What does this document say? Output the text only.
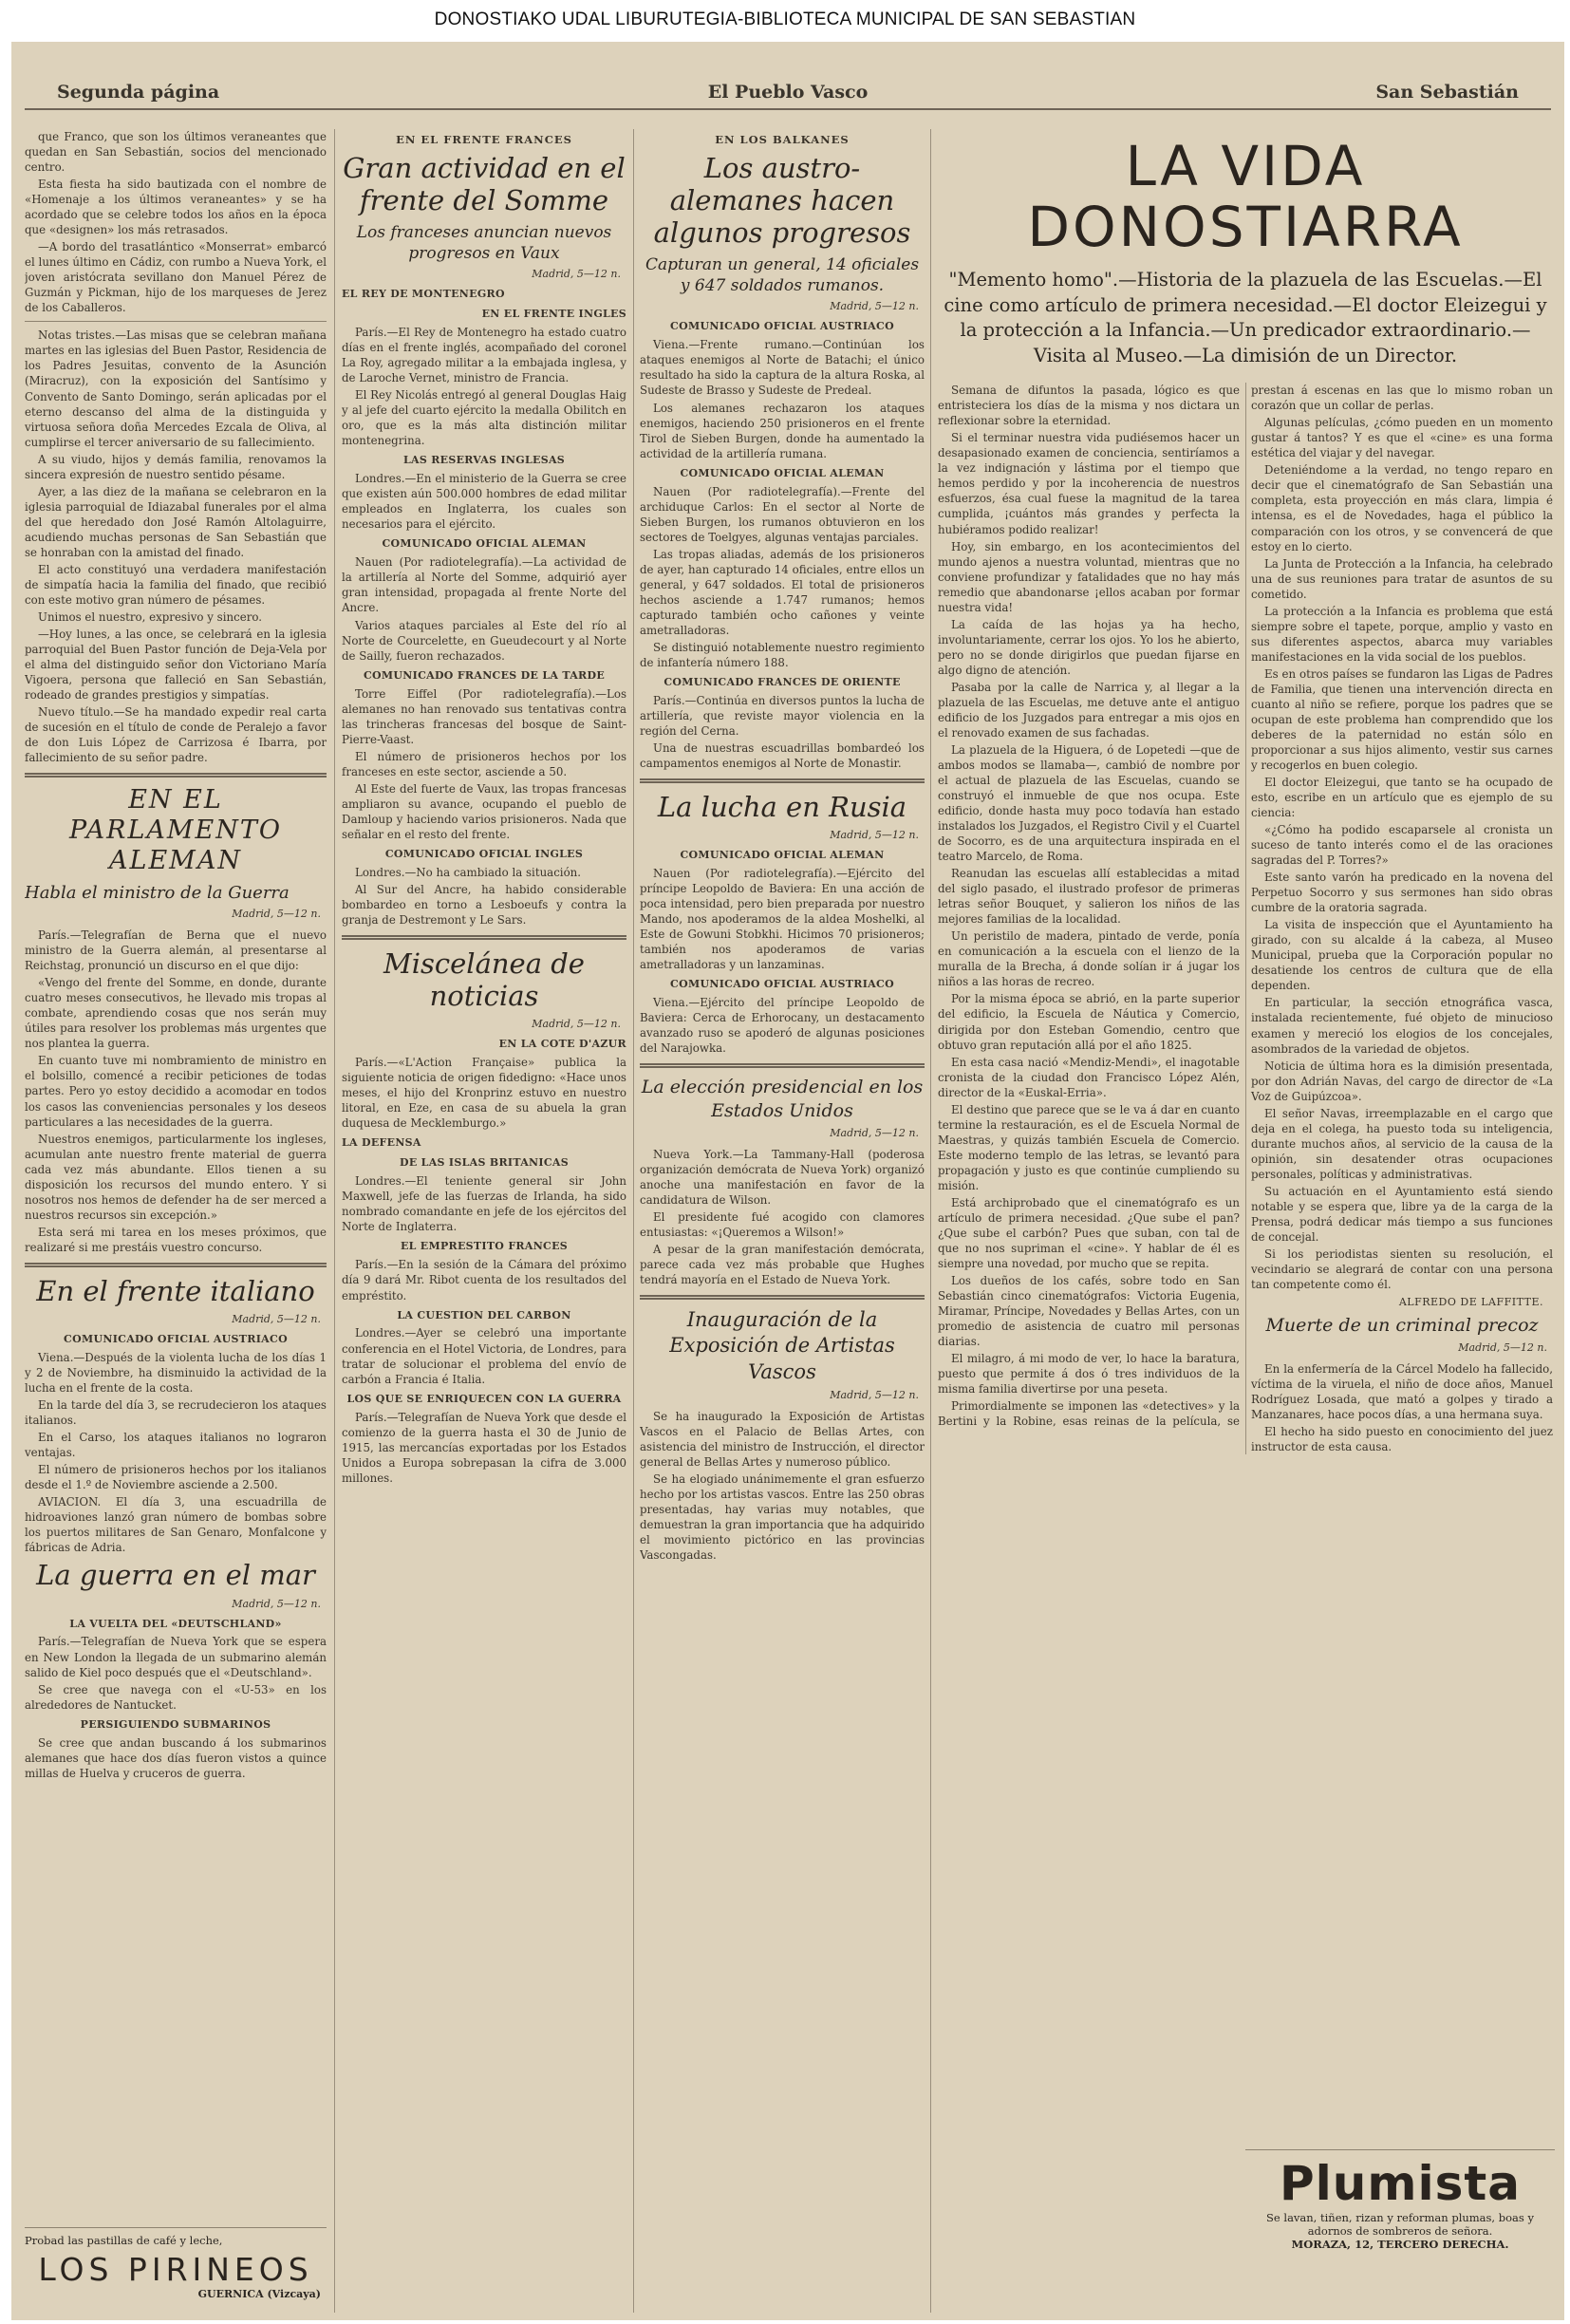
DONOSTIAKO UDAL LIBURUTEGIA-BIBLIOTECA MUNICIPAL DE SAN SEBASTIAN
Segunda página	El Pueblo Vasco	San Sebastián

que Franco, que son los últimos veraneantes que quedan en San Sebastián, socios del mencionado centro.

Esta fiesta ha sido bautizada con el nombre de «Homenaje a los últimos veraneantes» y se ha acordado que se celebre todos los años en la época que «designen» los más retrasados.

—A bordo del trasatlántico «Monserrat» embarcó el lunes último en Cádiz, con rumbo a Nueva York, el joven aristócrata sevillano don Manuel Pérez de Guzmán y Pickman, hijo de los marqueses de Jerez de los Caballeros.

Notas tristes.—Las misas que se celebran mañana martes en las iglesias del Buen Pastor, Residencia de los Padres Jesuitas, convento de la Asunción (Miracruz), con la exposición del Santísimo y Convento de Santo Domingo, serán aplicadas por el eterno descanso del alma de la distinguida y virtuosa señora doña Mercedes Ezcala de Oliva, al cumplirse el tercer aniversario de su fallecimiento.

A su viudo, hijos y demás familia, renovamos la sincera expresión de nuestro sentido pésame.

Ayer, a las diez de la mañana se celebraron en la iglesia parroquial de Idiazabal funerales por el alma del que heredado don José Ramón Altolaguirre, acudiendo muchas personas de San Sebastián que se honraban con la amistad del finado.

El acto constituyó una verdadera manifestación de simpatía hacia la familia del finado, que recibió con este motivo gran número de pésames.

Unimos el nuestro, expresivo y sincero.

—Hoy lunes, a las once, se celebrará en la iglesia parroquial del Buen Pastor función de Deja-Vela por el alma del distinguido señor don Victoriano María Vigoera, persona que falleció en San Sebastián, rodeado de grandes prestigios y simpatías.

Nuevo título.—Se ha mandado expedir real carta de sucesión en el título de conde de Peralejo a favor de don Luis López de Carrizosa é Ibarra, por fallecimiento de su señor padre.

EN EL PARLAMENTO ALEMAN
Habla el ministro de la Guerra
Madrid, 5—12 n.

París.—Telegrafían de Berna que el nuevo ministro de la Guerra alemán, al presentarse al Reichstag, pronunció un discurso en el que dijo:

«Vengo del frente del Somme, en donde, durante cuatro meses consecutivos, he llevado mis tropas al combate, aprendiendo cosas que nos serán muy útiles para resolver los problemas más urgentes que nos plantea la guerra.

En cuanto tuve mi nombramiento de ministro en el bolsillo, comencé a recibir peticiones de todas partes. Pero yo estoy decidido a acomodar en todos los casos las conveniencias personales y los deseos particulares a las necesidades de la guerra.

Nuestros enemigos, particularmente los ingleses, acumulan ante nuestro frente material de guerra cada vez más abundante. Ellos tienen a su disposición los recursos del mundo entero. Y si nosotros nos hemos de defender ha de ser merced a nuestros recursos sin excepción.»

Esta será mi tarea en los meses próximos, que realizaré si me prestáis vuestro concurso.

En el frente italiano
Madrid, 5—12 n.
COMUNICADO OFICIAL AUSTRIACO

Viena.—Después de la violenta lucha de los días 1 y 2 de Noviembre, ha disminuido la actividad de la lucha en el frente de la costa.

En la tarde del día 3, se recrudecieron los ataques italianos.

En el Carso, los ataques italianos no lograron ventajas.

El número de prisioneros hechos por los italianos desde el 1.º de Noviembre asciende a 2.500.

AVIACION. El día 3, una escuadrilla de hidroaviones lanzó gran número de bombas sobre los puertos militares de San Genaro, Monfalcone y fábricas de Adria.

La guerra en el mar
Madrid, 5—12 n.
LA VUELTA DEL «DEUTSCHLAND»

París.—Telegrafían de Nueva York que se espera en New London la llegada de un submarino alemán salido de Kiel poco después que el «Deutschland».

Se cree que navega con el «U-53» en los alrededores de Nantucket.

PERSIGUIENDO SUBMARINOS

Se cree que andan buscando á los submarinos alemanes que hace dos días fueron vistos a quince millas de Huelva y cruceros de guerra.

Probad las pastillas de café y leche,
LOS PIRINEOS
GUERNICA (Vizcaya)
EN EL FRENTE FRANCES
Gran actividad en el frente del Somme
Los franceses anuncian nuevos progresos en Vaux
Madrid, 5—12 n.
EL REY DE MONTENEGRO
EN EL FRENTE INGLES

París.—El Rey de Montenegro ha estado cuatro días en el frente inglés, acompañado del coronel La Roy, agregado militar a la embajada inglesa, y de Laroche Vernet, ministro de Francia.

El Rey Nicolás entregó al general Douglas Haig y al jefe del cuarto ejército la medalla Obilitch en oro, que es la más alta distinción militar montenegrina.

LAS RESERVAS INGLESAS

Londres.—En el ministerio de la Guerra se cree que existen aún 500.000 hombres de edad militar empleados en Inglaterra, los cuales son necesarios para el ejército.

COMUNICADO OFICIAL ALEMAN

Nauen (Por radiotelegrafía).—La actividad de la artillería al Norte del Somme, adquirió ayer gran intensidad, propagada al frente Norte del Ancre.

Varios ataques parciales al Este del río al Norte de Courcelette, en Gueudecourt y al Norte de Sailly, fueron rechazados.

COMUNICADO FRANCES DE LA TARDE

Torre Eiffel (Por radiotelegrafía).—Los alemanes no han renovado sus tentativas contra las trincheras francesas del bosque de Saint-Pierre-Vaast.

El número de prisioneros hechos por los franceses en este sector, asciende a 50.

Al Este del fuerte de Vaux, las tropas francesas ampliaron su avance, ocupando el pueblo de Damloup y haciendo varios prisioneros. Nada que señalar en el resto del frente.

COMUNICADO OFICIAL INGLES

Londres.—No ha cambiado la situación.

Al Sur del Ancre, ha habido considerable bombardeo en torno a Lesboeufs y contra la granja de Destremont y Le Sars.

Miscelánea de noticias
Madrid, 5—12 n.
EN LA COTE D'AZUR

París.—«L'Action Française» publica la siguiente noticia de origen fidedigno: «Hace unos meses, el hijo del Kronprinz estuvo en nuestro litoral, en Eze, en casa de su abuela la gran duquesa de Mecklemburgo.»

LA DEFENSA
DE LAS ISLAS BRITANICAS

Londres.—El teniente general sir John Maxwell, jefe de las fuerzas de Irlanda, ha sido nombrado comandante en jefe de los ejércitos del Norte de Inglaterra.

EL EMPRESTITO FRANCES

París.—En la sesión de la Cámara del próximo día 9 dará Mr. Ribot cuenta de los resultados del empréstito.

LA CUESTION DEL CARBON

Londres.—Ayer se celebró una importante conferencia en el Hotel Victoria, de Londres, para tratar de solucionar el problema del envío de carbón a Francia é Italia.

LOS QUE SE ENRIQUECEN CON LA GUERRA

París.—Telegrafían de Nueva York que desde el comienzo de la guerra hasta el 30 de Junio de 1915, las mercancías exportadas por los Estados Unidos a Europa sobrepasan la cifra de 3.000 millones.

EN LOS BALKANES
Los austro-alemanes hacen algunos progresos
Capturan un general, 14 oficiales y 647 soldados rumanos.
Madrid, 5—12 n.
COMUNICADO OFICIAL AUSTRIACO

Viena.—Frente rumano.—Continúan los ataques enemigos al Norte de Batachi; el único resultado ha sido la captura de la altura Roska, al Sudeste de Brasso y Sudeste de Predeal.

Los alemanes rechazaron los ataques enemigos, haciendo 250 prisioneros en el frente Tirol de Sieben Burgen, donde ha aumentado la actividad de la artillería rumana.

COMUNICADO OFICIAL ALEMAN

Nauen (Por radiotelegrafía).—Frente del archiduque Carlos: En el sector al Norte de Sieben Burgen, los rumanos obtuvieron en los sectores de Toelgyes, algunas ventajas parciales.

Las tropas aliadas, además de los prisioneros de ayer, han capturado 14 oficiales, entre ellos un general, y 647 soldados. El total de prisioneros hechos asciende a 1.747 rumanos; hemos capturado también ocho cañones y veinte ametralladoras.

Se distinguió notablemente nuestro regimiento de infantería número 188.

COMUNICADO FRANCES DE ORIENTE

París.—Continúa en diversos puntos la lucha de artillería, que reviste mayor violencia en la región del Cerna.

Una de nuestras escuadrillas bombardeó los campamentos enemigos al Norte de Monastir.

La lucha en Rusia
Madrid, 5—12 n.
COMUNICADO OFICIAL ALEMAN

Nauen (Por radiotelegrafía).—Ejército del príncipe Leopoldo de Baviera: En una acción de poca intensidad, pero bien preparada por nuestro Mando, nos apoderamos de la aldea Moshelki, al Este de Gowuni Stobkhi. Hicimos 70 prisioneros; también nos apoderamos de varias ametralladoras y un lanzaminas.

COMUNICADO OFICIAL AUSTRIACO

Viena.—Ejército del príncipe Leopoldo de Baviera: Cerca de Erhorocany, un destacamento avanzado ruso se apoderó de algunas posiciones del Narajowka.

La elección presidencial en los Estados Unidos
Madrid, 5—12 n.

Nueva York.—La Tammany-Hall (poderosa organización demócrata de Nueva York) organizó anoche una manifestación en favor de la candidatura de Wilson.

El presidente fué acogido con clamores entusiastas: «¡Queremos a Wilson!»

A pesar de la gran manifestación demócrata, parece cada vez más probable que Hughes tendrá mayoría en el Estado de Nueva York.

Inauguración de la Exposición de Artistas Vascos
Madrid, 5—12 n.

Se ha inaugurado la Exposición de Artistas Vascos en el Palacio de Bellas Artes, con asistencia del ministro de Instrucción, el director general de Bellas Artes y numeroso público.

Se ha elogiado unánimemente el gran esfuerzo hecho por los artistas vascos. Entre las 250 obras presentadas, hay varias muy notables, que demuestran la gran importancia que ha adquirido el movimiento pictórico en las provincias Vascongadas.

LA VIDA DONOSTIARRA
"Memento homo".—Historia de la plazuela de las Escuelas.—El cine como artículo de primera necesidad.—El doctor Eleizegui y la protección a la Infancia.—Un predicador extraordinario.—Visita al Museo.—La dimisión de un Director.

Semana de difuntos la pasada, lógico es que entristeciera los días de la misma y nos dictara un reflexionar sobre la eternidad.

Si el terminar nuestra vida pudiésemos hacer un desapasionado examen de conciencia, sentiríamos a la vez indignación y lástima por el tiempo que hemos perdido y por la incoherencia de nuestros esfuerzos, ésa cual fuese la magnitud de la tarea cumplida, ¡cuántos más grandes y perfecta la hubiéramos podido realizar!

Hoy, sin embargo, en los acontecimientos del mundo ajenos a nuestra voluntad, mientras que no conviene profundizar y fatalidades que no hay más remedio que abandonarse ¡ellos acaban por formar nuestra vida!

La caída de las hojas ya ha hecho, involuntariamente, cerrar los ojos. Yo los he abierto, pero no se donde dirigirlos que puedan fijarse en algo digno de atención.

Pasaba por la calle de Narrica y, al llegar a la plazuela de las Escuelas, me detuve ante el antiguo edificio de los Juzgados para entregar a mis ojos en el renovado examen de sus fachadas.

La plazuela de la Higuera, ó de Lopetedi —que de ambos modos se llamaba—, cambió de nombre por el actual de plazuela de las Escuelas, cuando se construyó el inmueble de que nos ocupa. Este edificio, donde hasta muy poco todavía han estado instalados los Juzgados, el Registro Civil y el Cuartel de Socorro, es de una arquitectura inspirada en el teatro Marcelo, de Roma.

Reanudan las escuelas allí establecidas a mitad del siglo pasado, el ilustrado profesor de primeras letras señor Bouquet, y salieron los niños de las mejores familias de la localidad.

Un peristilo de madera, pintado de verde, ponía en comunicación a la escuela con el lienzo de la muralla de la Brecha, á donde solían ir á jugar los niños a las horas de recreo.

Por la misma época se abrió, en la parte superior del edificio, la Escuela de Náutica y Comercio, dirigida por don Esteban Gomendio, centro que obtuvo gran reputación allá por el año 1825.

En esta casa nació «Mendiz-Mendi», el inagotable cronista de la ciudad don Francisco López Alén, director de la «Euskal-Erria».

El destino que parece que se le va á dar en cuanto termine la restauración, es el de Escuela Normal de Maestras, y quizás también Escuela de Comercio. Este moderno templo de las letras, se levantó para propagación y justo es que continúe cumpliendo su misión.

Está archiprobado que el cinematógrafo es un artículo de primera necesidad. ¿Que sube el pan? ¿Que sube el carbón? Pues que suban, con tal de que no nos supriman el «cine». Y hablar de él es siempre una novedad, por mucho que se repita.

Los dueños de los cafés, sobre todo en San Sebastián cinco cinematógrafos: Victoria Eugenia, Miramar, Príncipe, Novedades y Bellas Artes, con un promedio de asistencia de cuatro mil personas diarias.

El milagro, á mi modo de ver, lo hace la baratura, puesto que permite á dos ó tres individuos de la misma familia divertirse por una peseta.

Primordialmente se imponen las «detectives» y la Bertini y la Robine, esas reinas de la película, se prestan á escenas en las que lo mismo roban un corazón que un collar de perlas.

Algunas películas, ¿cómo pueden en un momento gustar á tantos? Y es que el «cine» es una forma estética del viajar y del navegar.

Deteniéndome a la verdad, no tengo reparo en decir que el cinematógrafo de San Sebastián una completa, esta proyección en más clara, limpia é intensa, es el de Novedades, haga el público la comparación con los otros, y se convencerá de que estoy en lo cierto.

La Junta de Protección a la Infancia, ha celebrado una de sus reuniones para tratar de asuntos de su cometido.

La protección a la Infancia es problema que está siempre sobre el tapete, porque, amplio y vasto en sus diferentes aspectos, abarca muy variables manifestaciones en la vida social de los pueblos.

Es en otros países se fundaron las Ligas de Padres de Familia, que tienen una intervención directa en cuanto al niño se refiere, porque los padres que se ocupan de este problema han comprendido que los deberes de la paternidad no están sólo en proporcionar a sus hijos alimento, vestir sus carnes y recogerlos en buen colegio.

El doctor Eleizegui, que tanto se ha ocupado de esto, escribe en un artículo que es ejemplo de su ciencia:

«¿Cómo ha podido escaparsele al cronista un suceso de tanto interés como el de las oraciones sagradas del P. Torres?»

Este santo varón ha predicado en la novena del Perpetuo Socorro y sus sermones han sido obras cumbre de la oratoria sagrada.

La visita de inspección que el Ayuntamiento ha girado, con su alcalde á la cabeza, al Museo Municipal, prueba que la Corporación popular no desatiende los centros de cultura que de ella dependen.

En particular, la sección etnográfica vasca, instalada recientemente, fué objeto de minucioso examen y mereció los elogios de los concejales, asombrados de la variedad de objetos.

Noticia de última hora es la dimisión presentada, por don Adrián Navas, del cargo de director de «La Voz de Guipúzcoa».

El señor Navas, irreemplazable en el cargo que deja en el colega, ha puesto toda su inteligencia, durante muchos años, al servicio de la causa de la opinión, sin desatender otras ocupaciones personales, políticas y administrativas.

Su actuación en el Ayuntamiento está siendo notable y se espera que, libre ya de la carga de la Prensa, podrá dedicar más tiempo a sus funciones de concejal.

Si los periodistas sienten su resolución, el vecindario se alegrará de contar con una persona tan competente como él.

ALFREDO DE LAFFITTE.
Muerte de un criminal precoz
Madrid, 5—12 n.

En la enfermería de la Cárcel Modelo ha fallecido, víctima de la viruela, el niño de doce años, Manuel Rodríguez Losada, que mató a golpes y tirado a Manzanares, hace pocos días, a una hermana suya.

El hecho ha sido puesto en conocimiento del juez instructor de esta causa.

Plumista
Se lavan, tiñen, rizan y reforman plumas, boas y adornos de sombreros de señora.
MORAZA, 12, TERCERO DERECHA.
